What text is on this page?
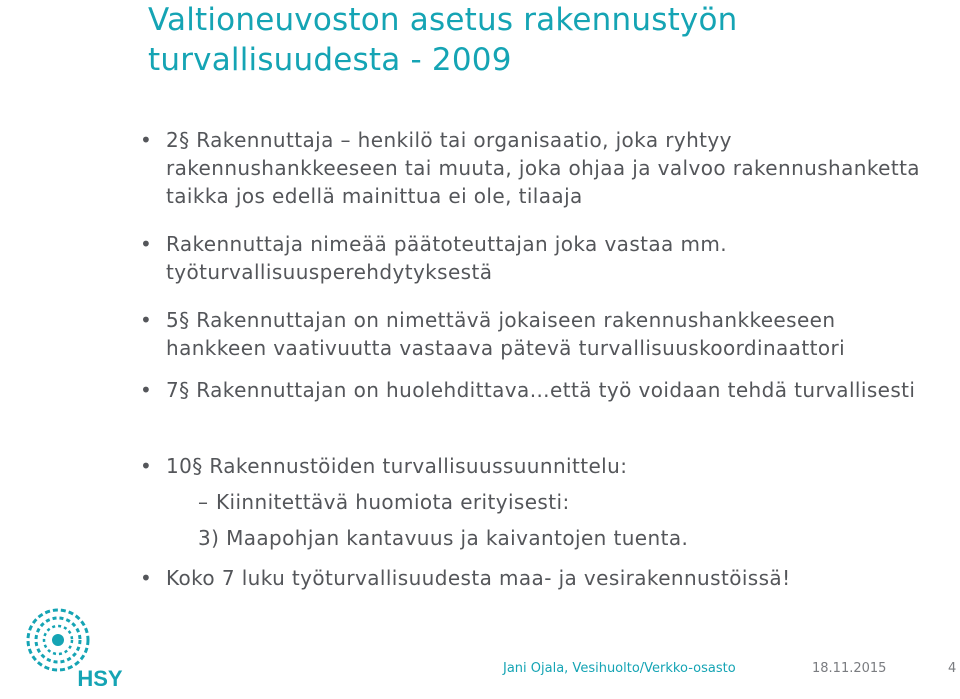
Valtioneuvoston asetus rakennustyön turvallisuudesta - 2009
• 2§ Rakennuttaja – henkilö tai organisaatio, joka ryhtyy rakennushankkeeseen tai muuta, joka ohjaa ja valvoo rakennushanketta taikka jos edellä mainittua ei ole, tilaaja
• Rakennuttaja nimeää päätoteuttajan joka vastaa mm. työturvallisuusperehdytyksestä
• 5§ Rakennuttajan on nimettävä jokaiseen rakennushankkeeseen hankkeen vaativuutta vastaava pätevä turvallisuuskoordinaattori
• 7§ Rakennuttajan on huolehdittava…että työ voidaan tehdä turvallisesti
• 10§ Rakennustöiden turvallisuussuunnittelu:
– Kiinnitettävä huomiota erityisesti:
3) Maapohjan kantavuus ja kaivantojen tuenta.
• Koko 7 luku työturvallisuudesta maa- ja vesirakennustöissä!
HSY	Jani Ojala, Vesihuolto/Verkko-osasto	18.11.2015	4
